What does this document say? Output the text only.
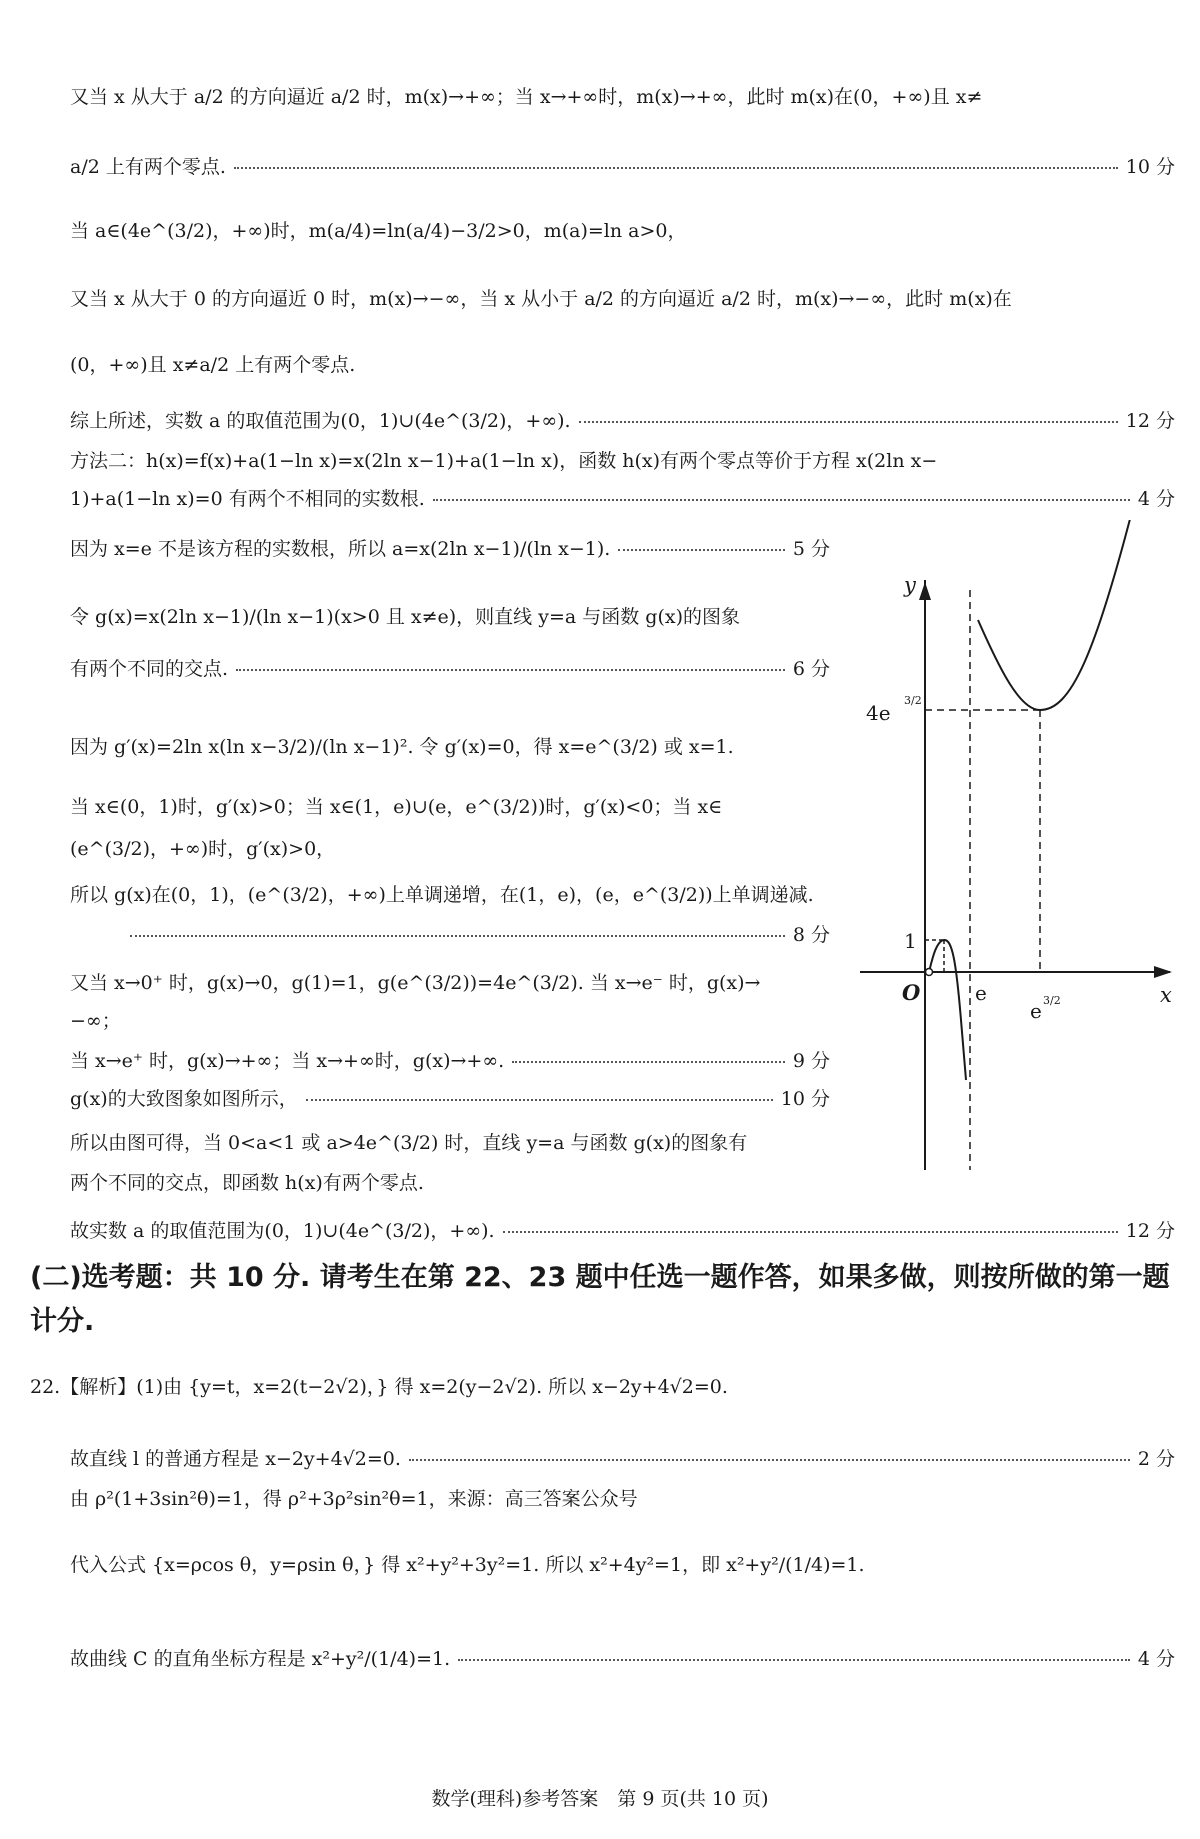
又当 x 从大于 a/2 的方向逼近 a/2 时，m(x)→+∞；当 x→+∞时，m(x)→+∞，此时 m(x)在(0，+∞)且 x≠
a/2 上有两个零点.	10 分
当 a∈(4e^(3/2)，+∞)时，m(a/4)=ln(a/4)−3/2>0，m(a)=ln a>0，
又当 x 从大于 0 的方向逼近 0 时，m(x)→−∞，当 x 从小于 a/2 的方向逼近 a/2 时，m(x)→−∞，此时 m(x)在
(0，+∞)且 x≠a/2 上有两个零点.
综上所述，实数 a 的取值范围为(0，1)∪(4e^(3/2)，+∞).	12 分
方法二：h(x)=f(x)+a(1−ln x)=x(2ln x−1)+a(1−ln x)，函数 h(x)有两个零点等价于方程 x(2ln x−
1)+a(1−ln x)=0 有两个不相同的实数根.	4 分
因为 x=e 不是该方程的实数根，所以 a=x(2ln x−1)/(ln x−1).	5 分
令 g(x)=x(2ln x−1)/(ln x−1)(x>0 且 x≠e)，则直线 y=a 与函数 g(x)的图象
有两个不同的交点.	6 分
因为 g′(x)=2ln x(ln x−3/2)/(ln x−1)². 令 g′(x)=0，得 x=e^(3/2) 或 x=1.
当 x∈(0，1)时，g′(x)>0；当 x∈(1，e)∪(e，e^(3/2))时，g′(x)<0；当 x∈
(e^(3/2)，+∞)时，g′(x)>0，
所以 g(x)在(0，1)，(e^(3/2)，+∞)上单调递增，在(1，e)，(e，e^(3/2))上单调递减.
8 分
又当 x→0⁺ 时，g(x)→0，g(1)=1，g(e^(3/2))=4e^(3/2). 当 x→e⁻ 时，g(x)→
−∞；
当 x→e⁺ 时，g(x)→+∞；当 x→+∞时，g(x)→+∞.	9 分
g(x)的大致图象如图所示，	10 分
所以由图可得，当 0<a<1 或 a>4e^(3/2) 时，直线 y=a 与函数 g(x)的图象有
两个不同的交点，即函数 h(x)有两个零点.
故实数 a 的取值范围为(0，1)∪(4e^(3/2)，+∞).	12 分
(二)选考题：共 10 分. 请考生在第 22、23 题中任选一题作答，如果多做，则按所做的第一题计分.
22.【解析】(1)由 {y=t，x=2(t−2√2)，} 得 x=2(y−2√2). 所以 x−2y+4√2=0.
故直线 l 的普通方程是 x−2y+4√2=0.	2 分
由 ρ²(1+3sin²θ)=1，得 ρ²+3ρ²sin²θ=1，来源：高三答案公众号
代入公式 {x=ρcos θ，y=ρsin θ，} 得 x²+y²+3y²=1. 所以 x²+4y²=1，即 x²+y²/(1/4)=1.
故曲线 C 的直角坐标方程是 x²+y²/(1/4)=1.	4 分
y
x
O
1
4e
3/2
e
e 3/2
数学(理科)参考答案　第 9 页(共 10 页)
